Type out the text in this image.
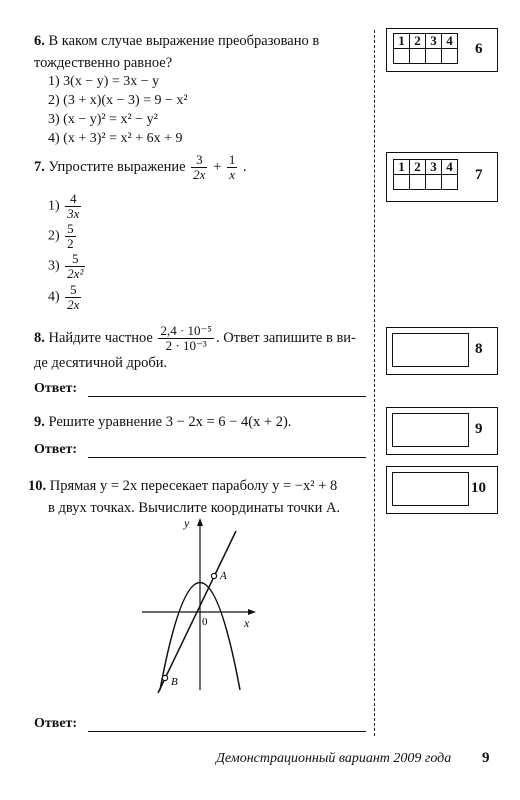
6. В каком случае выражение преобразовано в тождественно равное?
1) 3(x − y) = 3x − y
2) (3 + x)(x − 3) = 9 − x²
3) (x − y)² = x² − y²
4) (x + 3)² = x² + 6x + 9
1	2	3	4

6
7. Упростите выражение $\frac{3}{2x} + \frac{1}{x}$ .
$1) \frac{4}{3x}$
$2) \frac{5}{2}$
$3) \frac{5}{\text{2x²}}$
$4) \frac{5}{2x}$
1	2	3	4

7
8. Найдите частное $\frac{\text{2,4 · 10⁻⁵}}{\text{2 · 10⁻³}}$ . Ответ запишите в ви-
де десятичной дроби.
Ответ:
8
9. Решите уравнение 3 − 2x = 6 − 4(x + 2).
Ответ:
9
10. Прямая y = 2x пересекает параболу y = −x² + 8
в двух точках. Вычислите координаты точки A.
10
y
x
0
A
B
Ответ:
Демонстрационный вариант 2009 года 9
